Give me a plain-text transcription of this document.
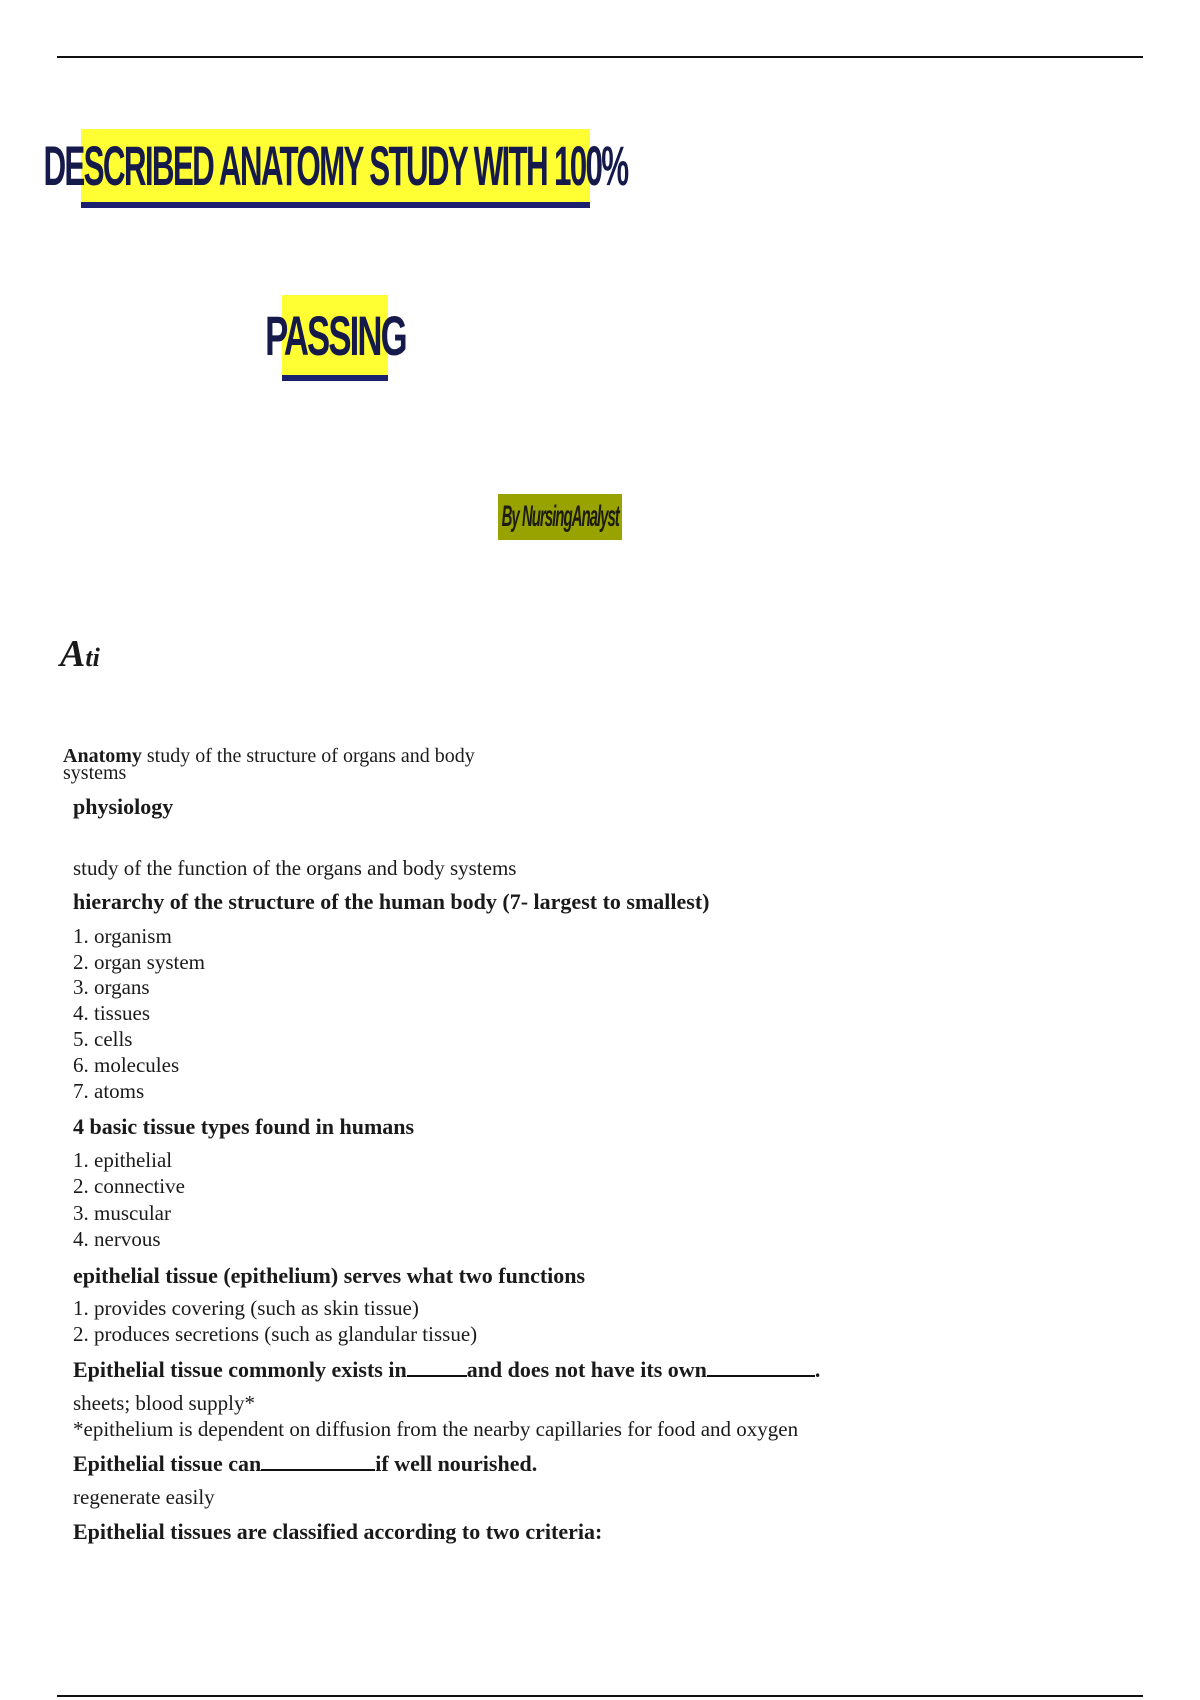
DESCRIBED ANATOMY STUDY WITH 100%
PASSING
By NursingAnalyst
Ati
Anatomy study of the structure of organs and body systems
physiology
study of the function of the organs and body systems
hierarchy of the structure of the human body (7- largest to smallest)
1. organism
2. organ system
3. organs
4. tissues
5. cells
6. molecules
7. atoms
4 basic tissue types found in humans
1. epithelial
2. connective
3. muscular
4. nervous
epithelial tissue (epithelium) serves what two functions
1. provides covering (such as skin tissue)
2. produces secretions (such as glandular tissue)
Epithelial tissue commonly exists in	and does not have its own	.
sheets; blood supply*
*epithelium is dependent on diffusion from the nearby capillaries for food and oxygen
Epithelial tissue can	if well nourished.
regenerate easily
Epithelial tissues are classified according to two criteria:
